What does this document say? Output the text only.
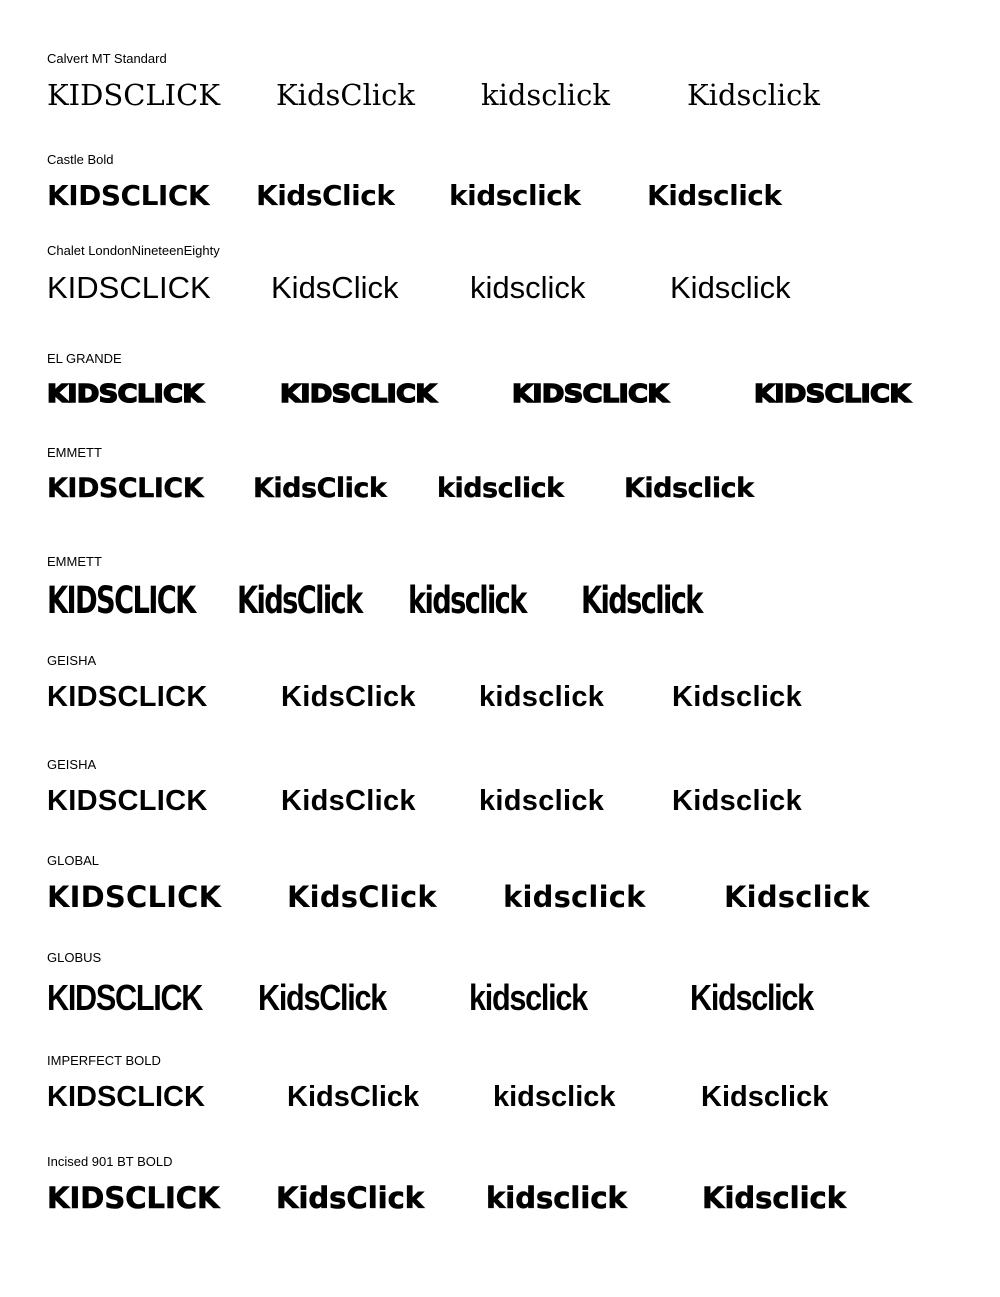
Calvert MT Standard
KIDSCLICK KidsClick kidsclick	Kidsclick
Castle Bold
KIDSCLICK KidsClick kidsclick Kidsclick
Chalet LondonNineteenEighty
KIDSCLICK KidsClick kidsclick	Kidsclick
EL GRANDE
KIDSCLICK	KIDSCLICK	KIDSCLICK	KIDSCLICK
EMMETT
KIDSCLICK KidsClick kidsclick Kidsclick
EMMETT
KIDSCLICK KidsClick kidsclick Kidsclick
GEISHA
KIDSCLICK	KidsClick kidsclick Kidsclick
GEISHA
KIDSCLICK	KidsClick kidsclick Kidsclick
GLOBAL
KIDSCLICK KidsClick kidsclick	Kidsclick
GLOBUS
KIDSCLICK KidsClick kidsclick	Kidsclick
IMPERFECT BOLD
KIDSCLICK	KidsClick	kidsclick	Kidsclick
Incised 901 BT BOLD
KIDSCLICK KidsClick kidsclick	Kidsclick
